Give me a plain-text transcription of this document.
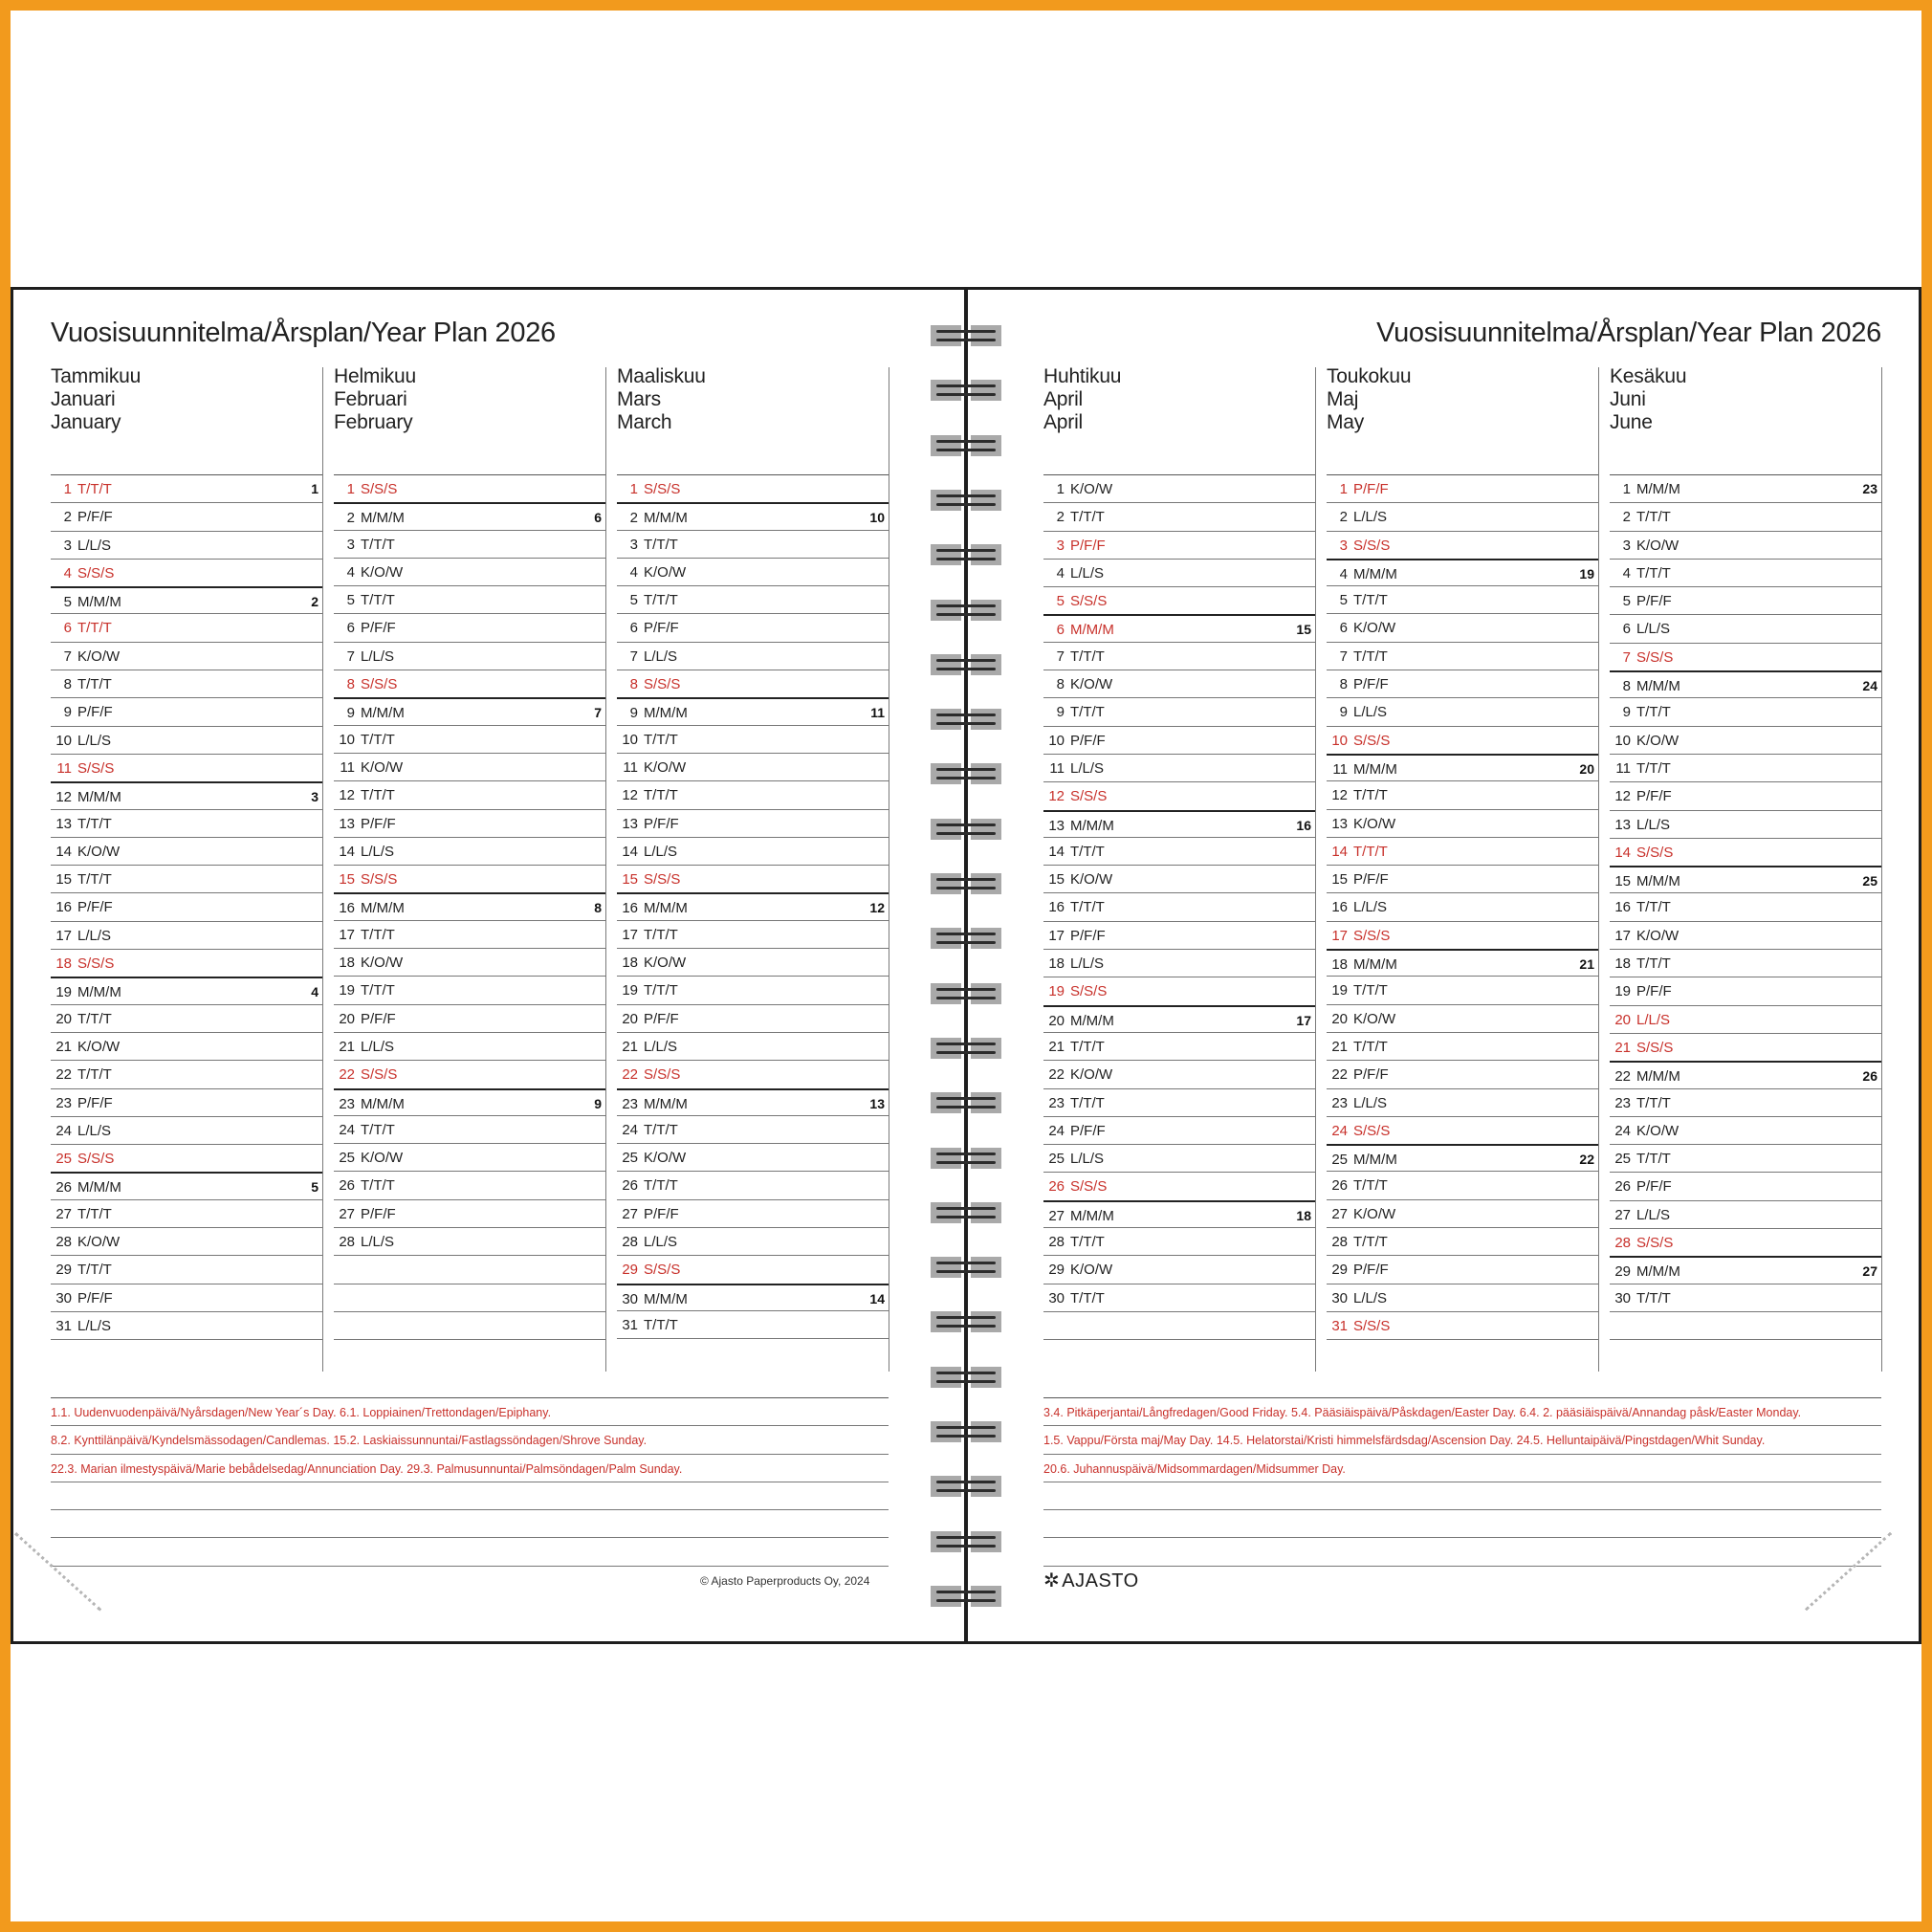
Vuosisuunnitelma/Årsplan/Year Plan 2026
Tammikuu
Januari
January
1 T/T/T	1
2 P/F/F
3 L/L/S
4 S/S/S
5 M/M/M	2
6 T/T/T
7 K/O/W
8 T/T/T
9 P/F/F
10 L/L/S
11 S/S/S
12 M/M/M	3
13 T/T/T
14 K/O/W
15 T/T/T
16 P/F/F
17 L/L/S
18 S/S/S
19 M/M/M	4
20 T/T/T
21 K/O/W
22 T/T/T
23 P/F/F
24 L/L/S
25 S/S/S
26 M/M/M	5
27 T/T/T
28 K/O/W
29 T/T/T
30 P/F/F
31 L/L/S
Helmikuu
Februari
February
1 S/S/S
2 M/M/M	6
3 T/T/T
4 K/O/W
5 T/T/T
6 P/F/F
7 L/L/S
8 S/S/S
9 M/M/M	7
10 T/T/T
11 K/O/W
12 T/T/T
13 P/F/F
14 L/L/S
15 S/S/S
16 M/M/M	8
17 T/T/T
18 K/O/W
19 T/T/T
20 P/F/F
21 L/L/S
22 S/S/S
23 M/M/M	9
24 T/T/T
25 K/O/W
26 T/T/T
27 P/F/F
28 L/L/S
Maaliskuu
Mars
March
1 S/S/S
2 M/M/M	10
3 T/T/T
4 K/O/W
5 T/T/T
6 P/F/F
7 L/L/S
8 S/S/S
9 M/M/M	11
10 T/T/T
11 K/O/W
12 T/T/T
13 P/F/F
14 L/L/S
15 S/S/S
16 M/M/M	12
17 T/T/T
18 K/O/W
19 T/T/T
20 P/F/F
21 L/L/S
22 S/S/S
23 M/M/M	13
24 T/T/T
25 K/O/W
26 T/T/T
27 P/F/F
28 L/L/S
29 S/S/S
30 M/M/M	14
31 T/T/T
1.1. Uudenvuodenpäivä/Nyårsdagen/New Year´s Day. 6.1. Loppiainen/Trettondagen/Epiphany.
8.2. Kynttilänpäivä/Kyndelsmässodagen/Candlemas. 15.2. Laskiaissunnuntai/Fastlagssöndagen/Shrove Sunday.
22.3. Marian ilmestyspäivä/Marie bebådelsedag/Annunciation Day. 29.3. Palmusunnuntai/Palmsöndagen/Palm Sunday.
© Ajasto Paperproducts Oy, 2024
Vuosisuunnitelma/Årsplan/Year Plan 2026
Huhtikuu
April
April
1 K/O/W
2 T/T/T
3 P/F/F
4 L/L/S
5 S/S/S
6 M/M/M	15
7 T/T/T
8 K/O/W
9 T/T/T
10 P/F/F
11 L/L/S
12 S/S/S
13 M/M/M	16
14 T/T/T
15 K/O/W
16 T/T/T
17 P/F/F
18 L/L/S
19 S/S/S
20 M/M/M	17
21 T/T/T
22 K/O/W
23 T/T/T
24 P/F/F
25 L/L/S
26 S/S/S
27 M/M/M	18
28 T/T/T
29 K/O/W
30 T/T/T
Toukokuu
Maj
May
1 P/F/F
2 L/L/S
3 S/S/S
4 M/M/M	19
5 T/T/T
6 K/O/W
7 T/T/T
8 P/F/F
9 L/L/S
10 S/S/S
11 M/M/M	20
12 T/T/T
13 K/O/W
14 T/T/T
15 P/F/F
16 L/L/S
17 S/S/S
18 M/M/M	21
19 T/T/T
20 K/O/W
21 T/T/T
22 P/F/F
23 L/L/S
24 S/S/S
25 M/M/M	22
26 T/T/T
27 K/O/W
28 T/T/T
29 P/F/F
30 L/L/S
31 S/S/S
Kesäkuu
Juni
June
1 M/M/M	23
2 T/T/T
3 K/O/W
4 T/T/T
5 P/F/F
6 L/L/S
7 S/S/S
8 M/M/M	24
9 T/T/T
10 K/O/W
11 T/T/T
12 P/F/F
13 L/L/S
14 S/S/S
15 M/M/M	25
16 T/T/T
17 K/O/W
18 T/T/T
19 P/F/F
20 L/L/S
21 S/S/S
22 M/M/M	26
23 T/T/T
24 K/O/W
25 T/T/T
26 P/F/F
27 L/L/S
28 S/S/S
29 M/M/M	27
30 T/T/T
3.4. Pitkäperjantai/Långfredagen/Good Friday. 5.4. Pääsiäispäivä/Påskdagen/Easter Day. 6.4. 2. pääsiäispäivä/Annandag påsk/Easter Monday.
1.5. Vappu/Första maj/May Day. 14.5. Helatorstai/Kristi himmelsfärdsdag/Ascension Day. 24.5. Helluntaipäivä/Pingstdagen/Whit Sunday.
20.6. Juhannuspäivä/Midsommardagen/Midsummer Day.
✲ AJASTO
